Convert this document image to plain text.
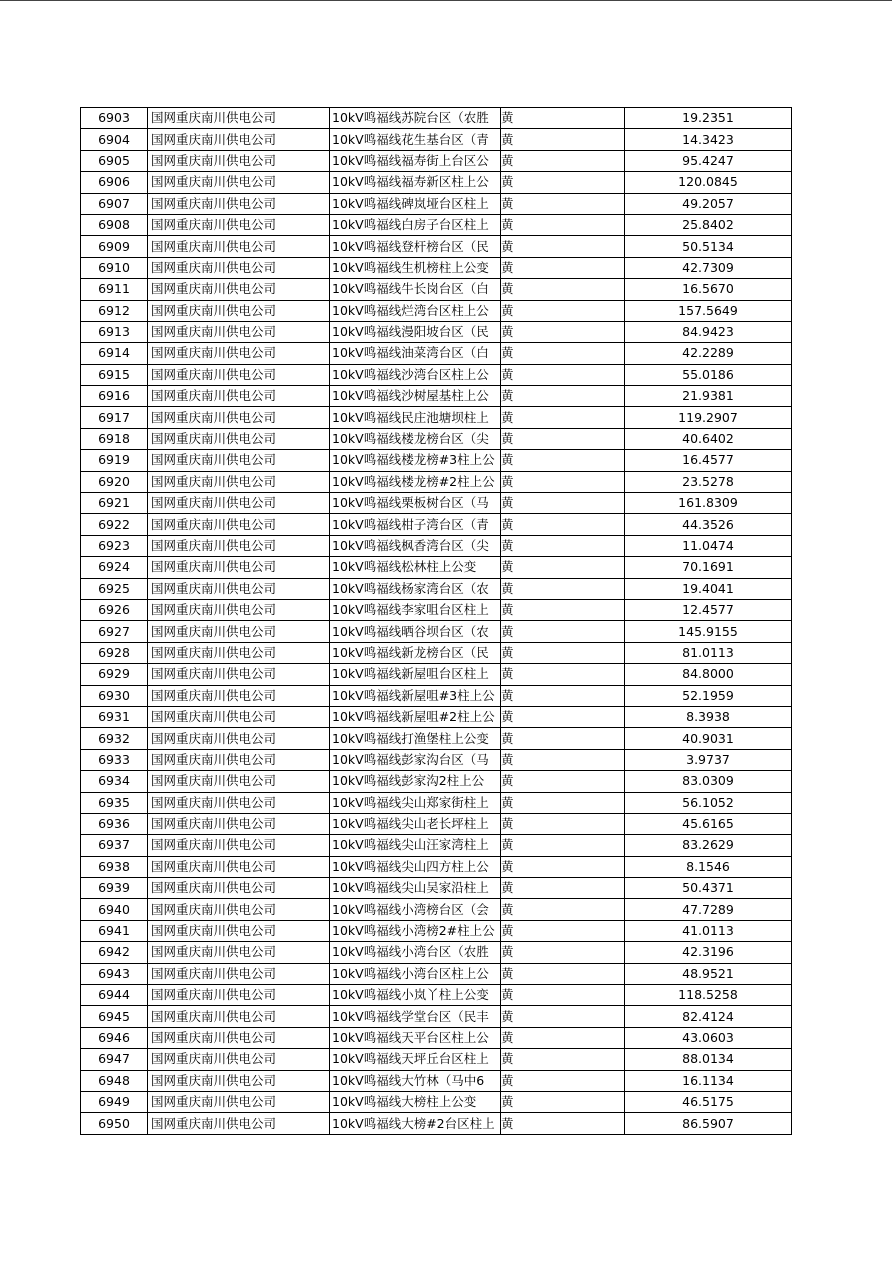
6903	国网重庆南川供电公司	10kV鸣福线苏院台区（农胜	黄	19.2351
6904	国网重庆南川供电公司	10kV鸣福线花生基台区（青	黄	14.3423
6905	国网重庆南川供电公司	10kV鸣福线福寿街上台区公	黄	95.4247
6906	国网重庆南川供电公司	10kV鸣福线福寿新区柱上公	黄	120.0845
6907	国网重庆南川供电公司	10kV鸣福线碑岚垭台区柱上	黄	49.2057
6908	国网重庆南川供电公司	10kV鸣福线白房子台区柱上	黄	25.8402
6909	国网重庆南川供电公司	10kV鸣福线登杆榜台区（民	黄	50.5134
6910	国网重庆南川供电公司	10kV鸣福线生机榜柱上公变	黄	42.7309
6911	国网重庆南川供电公司	10kV鸣福线牛长岗台区（白	黄	16.5670
6912	国网重庆南川供电公司	10kV鸣福线烂湾台区柱上公	黄	157.5649
6913	国网重庆南川供电公司	10kV鸣福线漫阳坡台区（民	黄	84.9423
6914	国网重庆南川供电公司	10kV鸣福线油菜湾台区（白	黄	42.2289
6915	国网重庆南川供电公司	10kV鸣福线沙湾台区柱上公	黄	55.0186
6916	国网重庆南川供电公司	10kV鸣福线沙树屋基柱上公	黄	21.9381
6917	国网重庆南川供电公司	10kV鸣福线民庄池塘坝柱上	黄	119.2907
6918	国网重庆南川供电公司	10kV鸣福线楼龙榜台区（尖	黄	40.6402
6919	国网重庆南川供电公司	10kV鸣福线楼龙榜#3柱上公	黄	16.4577
6920	国网重庆南川供电公司	10kV鸣福线楼龙榜#2柱上公	黄	23.5278
6921	国网重庆南川供电公司	10kV鸣福线栗板树台区（马	黄	161.8309
6922	国网重庆南川供电公司	10kV鸣福线柑子湾台区（青	黄	44.3526
6923	国网重庆南川供电公司	10kV鸣福线枫香湾台区（尖	黄	11.0474
6924	国网重庆南川供电公司	10kV鸣福线松林柱上公变	黄	70.1691
6925	国网重庆南川供电公司	10kV鸣福线杨家湾台区（农	黄	19.4041
6926	国网重庆南川供电公司	10kV鸣福线李家咀台区柱上	黄	12.4577
6927	国网重庆南川供电公司	10kV鸣福线晒谷坝台区（农	黄	145.9155
6928	国网重庆南川供电公司	10kV鸣福线新龙榜台区（民	黄	81.0113
6929	国网重庆南川供电公司	10kV鸣福线新屋咀台区柱上	黄	84.8000
6930	国网重庆南川供电公司	10kV鸣福线新屋咀#3柱上公	黄	52.1959
6931	国网重庆南川供电公司	10kV鸣福线新屋咀#2柱上公	黄	8.3938
6932	国网重庆南川供电公司	10kV鸣福线打渔堡柱上公变	黄	40.9031
6933	国网重庆南川供电公司	10kV鸣福线彭家沟台区（马	黄	3.9737
6934	国网重庆南川供电公司	10kV鸣福线彭家沟2柱上公	黄	83.0309
6935	国网重庆南川供电公司	10kV鸣福线尖山郑家街柱上	黄	56.1052
6936	国网重庆南川供电公司	10kV鸣福线尖山老长坪柱上	黄	45.6165
6937	国网重庆南川供电公司	10kV鸣福线尖山汪家湾柱上	黄	83.2629
6938	国网重庆南川供电公司	10kV鸣福线尖山四方柱上公	黄	8.1546
6939	国网重庆南川供电公司	10kV鸣福线尖山吴家沿柱上	黄	50.4371
6940	国网重庆南川供电公司	10kV鸣福线小湾榜台区（会	黄	47.7289
6941	国网重庆南川供电公司	10kV鸣福线小湾榜2#柱上公	黄	41.0113
6942	国网重庆南川供电公司	10kV鸣福线小湾台区（农胜	黄	42.3196
6943	国网重庆南川供电公司	10kV鸣福线小湾台区柱上公	黄	48.9521
6944	国网重庆南川供电公司	10kV鸣福线小岚丫柱上公变	黄	118.5258
6945	国网重庆南川供电公司	10kV鸣福线学堂台区（民丰	黄	82.4124
6946	国网重庆南川供电公司	10kV鸣福线天平台区柱上公	黄	43.0603
6947	国网重庆南川供电公司	10kV鸣福线天坪丘台区柱上	黄	88.0134
6948	国网重庆南川供电公司	10kV鸣福线大竹林（马中6	黄	16.1134
6949	国网重庆南川供电公司	10kV鸣福线大榜柱上公变	黄	46.5175
6950	国网重庆南川供电公司	10kV鸣福线大榜#2台区柱上	黄	86.5907
